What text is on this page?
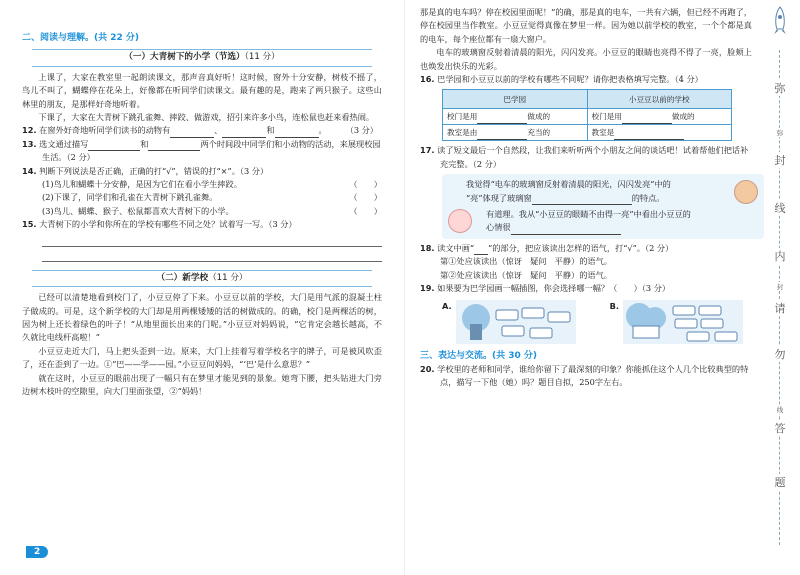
二、阅读与理解。(共 22 分)
（一）大青树下的小学（节选）（11 分）

上课了，大家在教室里一起朗读课文，那声音真好听！这时候，窗外十分安静，树枝不摇了，鸟儿不叫了，蝴蝶停在花朵上，好像都在听同学们读课文。最有趣的是，跑来了两只猴子。这些山林里的朋友，是那样好奇地听着。

下课了，大家在大青树下跳孔雀舞、摔跤、做游戏，招引来许多小鸟，连松鼠也赶来看热闹。

12. 在窗外好奇地听同学们读书的动物有	、	和	。 （3 分）
13. 选文通过描写	和	两个时间段中同学们和小动物的活动，来展现校园生活。（2 分）
14. 判断下列说法是否正确，正确的打“√”，错误的打“×”。（3 分）
(1)鸟儿和蝴蝶十分安静，是因为它们在看小学生摔跤。	（　　）
(2)下课了，同学们和孔雀在大青树下跳孔雀舞。	（　　）
(3)鸟儿、蝴蝶、猴子、松鼠都喜欢大青树下的小学。	（　　）
15. 大青树下的小学和你所在的学校有哪些不同之处？试着写一写。（3 分）
（二）新学校（11 分）

已经可以清楚地看到校门了，小豆豆停了下来。小豆豆以前的学校，大门是用气派的混凝土柱子做成的。可是，这个新学校的大门却是用两棵矮矮的活的树做成的。的确，校门是两棵活的树，因为树上还长着绿色的叶子！“从地里面长出来的门呢。”小豆豆对妈妈说，“它肯定会越长越高，不久就比电线杆高啦！”

小豆豆走近大门，马上把头歪到一边。原来，大门上挂着写着学校名字的牌子，可是被风吹歪了，还在歪到了一边。①“巴——学——园。”小豆豆问妈妈，“‘巴’是什么意思？”

就在这时，小豆豆的眼前出现了一幅只有在梦里才能见到的景象。她弯下腰，把头钻进大门旁边树木枝叶的空隙里，向大门里面张望，②“妈妈！

2

那是真的电车吗？停在校园里面呢！”的确，那是真的电车，一共有六辆，但已经不再跑了，停在校园里当作教室。小豆豆觉得真像在梦里一样。因为她以前学校的教室，一个个都是真的电车，每个座位都有一扇大窗户。

电车的玻璃窗反射着清晨的阳光，闪闪发亮。小豆豆的眼睛也亮得不得了一亮，脸颊上也焕发出快乐的光彩。

16. 巴学园和小豆豆以前的学校有哪些不同呢？请你把表格填写完整。（4 分）
巴学园	小豆豆以前的学校
校门是用 做成的	校门是用 做成的
教室是由 充当的	教室是
17. 读了短文最后一个自然段，让我们来听听两个小朋友之间的谈话吧！试着帮他们把话补充完整。（2 分）
我觉得“电车的玻璃窗反射着清晨的阳光，闪闪发亮”中的
“亮”体现了玻璃窗	的特点。
有道理。我从“小豆豆的眼睛不由得一亮”中看出小豆豆的
心情很
18. 读文中画“ ”的部分，把应该读出怎样的语气，打“√”。（2 分）
第①处应该读出（惊讶　疑问　平静）的语气。
第②处应该读出（惊讶　疑问　平静）的语气。
19. 如果要为巴学园画一幅插图，你会选择哪一幅？（　　）（3 分）
A.	B.
三、表达与交流。(共 30 分)
20. 学校里的老师和同学，谁给你留下了最深刻的印象？你能抓住这个人几个比较典型的特点，描写一下他（她）吗？题目自拟，250字左右。
弥
弥
封
线
内
封
请
勿
线
答
题
